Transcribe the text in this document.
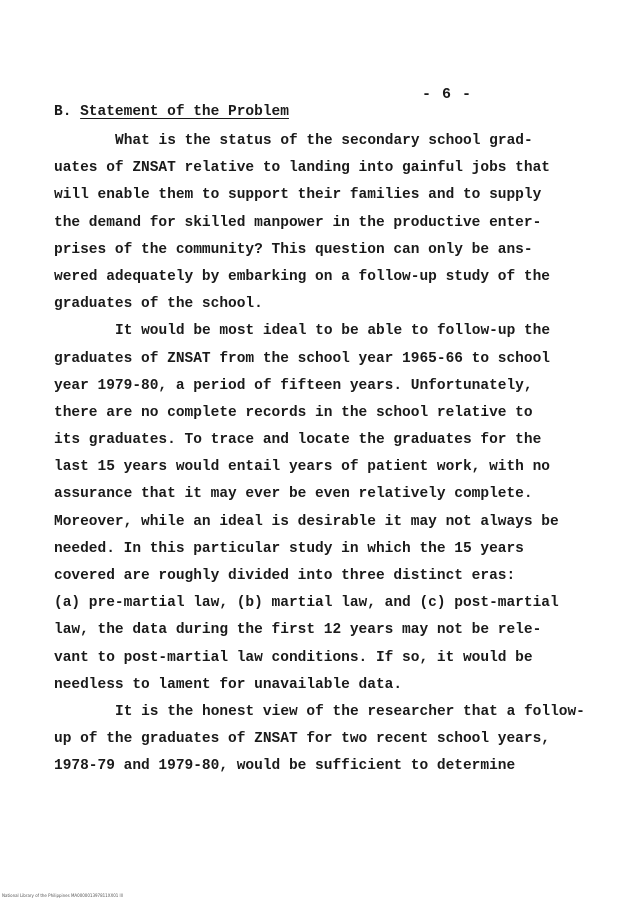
- 6 -
B. Statement of the Problem
What is the status of the secondary school grad-
uates of ZNSAT relative to landing into gainful jobs that
will enable them to support their families and to supply
the demand for skilled manpower in the productive enter-
prises of the community? This question can only be ans-
wered adequately by embarking on a follow-up study of the
graduates of the school.
It would be most ideal to be able to follow-up the
graduates of ZNSAT from the school year 1965-66 to school
year 1979-80, a period of fifteen years. Unfortunately,
there are no complete records in the school relative to
its graduates. To trace and locate the graduates for the
last 15 years would entail years of patient work, with no
assurance that it may ever be even relatively complete.
Moreover, while an ideal is desirable it may not always be
needed. In this particular study in which the 15 years
covered are roughly divided into three distinct eras:
(a) pre-martial law, (b) martial law, and (c) post-martial
law, the data during the first 12 years may not be rele-
vant to post-martial law conditions. If so, it would be
needless to lament for unavailable data.
It is the honest view of the researcher that a follow-
up of the graduates of ZNSAT for two recent school years,
1978-79 and 1979-80, would be sufficient to determine
National Library of the Philippines MA000001397811XX01 lll
